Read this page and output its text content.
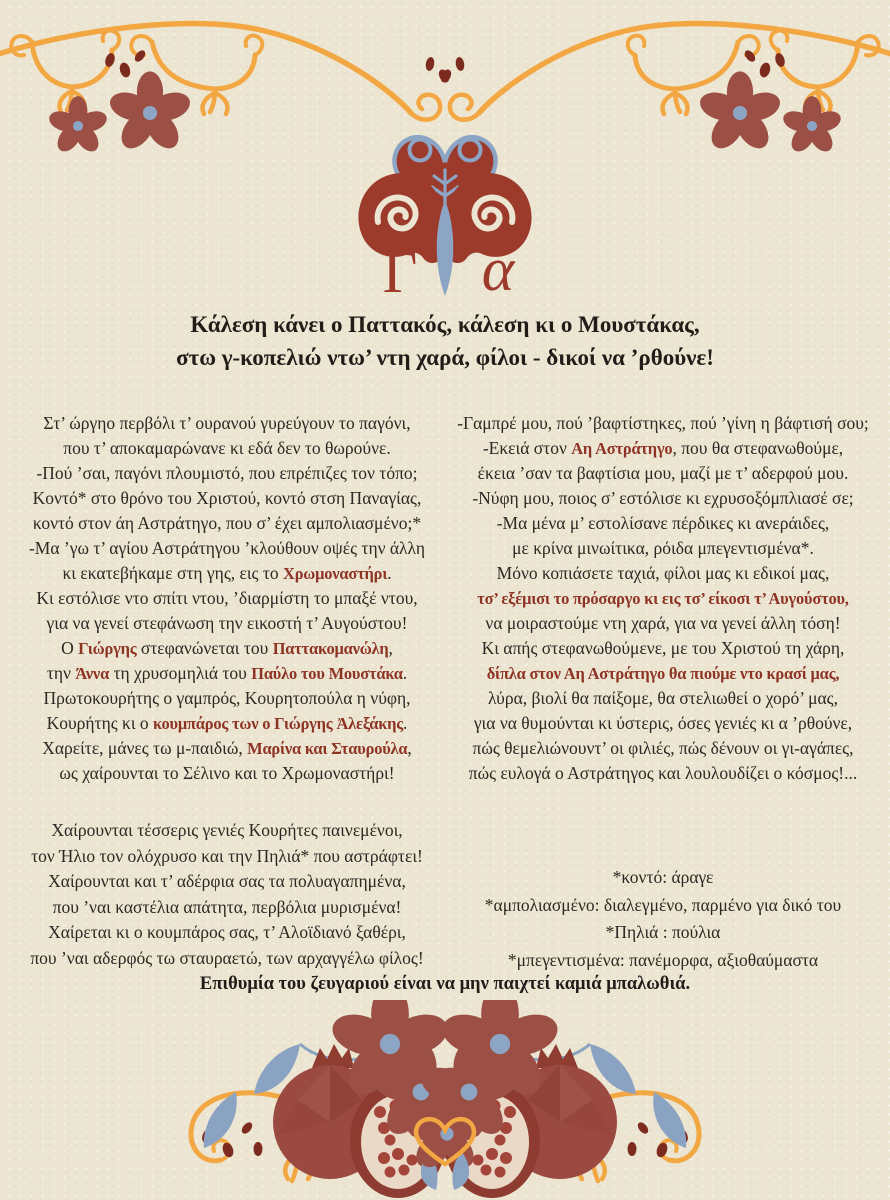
Γ α
Κάλεση κάνει ο Παττακός, κάλεση κι ο Μουστάκας,
στω γ-κοπελιώ ντω’ ντη χαρά, φίλοι - δικοί να ’ρθούνε!
Στ’ ώργηο περβόλι τ’ ουρανού γυρεύγουν το παγόνι,
που τ’ αποκαμαρώνανε κι εδά δεν το θωρούνε.
-Πού ’σαι, παγόνι πλουμιστό, που επρέπιζες τον τόπο;
Κοντό* στο θρόνο του Χριστού, κοντό στση Παναγίας,
κοντό στον άη Αστράτηγο, που σ’ έχει αμπολιασμένο;*
-Μα ’γω τ’ αγίου Αστράτηγου ’κλούθουν οψές την άλλη
κι εκατεβήκαμε στη γης, εις το Χρωμοναστήρι.
Κι εστόλισε ντο σπίτι ντου, ’διαρμίστη το μπαξέ ντου,
για να γενεί στεφάνωση την εικοστή τ’ Αυγούστου!
Ο Γιώργης στεφανώνεται του Παττακομανώλη,
την Άννα τη χρυσομηλιά του Παύλο του Μουστάκα.
Πρωτοκουρήτης ο γαμπρός, Κουρητοπούλα η νύφη,
Κουρήτης κι ο κουμπάρος των ο Γιώργης Ἀλεξάκης.
Χαρείτε, μάνες τω μ-παιδιώ, Μαρίνα και Σταυρούλα,
ως χαίρουνται το Σέλινο και το Χρωμοναστήρι!
-Γαμπρέ μου, πού ’βαφτίστηκες, πού ’γίνη η βάφτισή σου;
-Εκειά στον Αη Αστράτηγο, που θα στεφανωθούμε,
έκεια ’σαν τα βαφτίσια μου, μαζί με τ’ αδερφού μου.
-Νύφη μου, ποιος σ’ εστόλισε κι εχρυσοξόμπλιασέ σε;
-Μα μένα μ’ εστολίσανε πέρδικες κι ανεράιδες,
με κρίνα μινωίτικα, ρόιδα μπεγεντισμένα*.
Μόνο κοπιάσετε ταχιά, φίλοι μας κι εδικοί μας,
τσ’ εξέμισι το πρόσαργο κι εις τσ’ είκοσι τ’ Αυγούστου,
να μοιραστούμε ντη χαρά, για να γενεί άλλη τόση!
Κι απής στεφανωθούμενε, με του Χριστού τη χάρη,
δίπλα στον Αη Αστράτηγο θα πιούμε ντο κρασί μας,
λύρα, βιολί θα παίξομε, θα στελιωθεί ο χορό’ μας,
για να θυμούνται κι ύστερις, όσες γενιές κι α ’ρθούνε,
πώς θεμελιώνουντ’ οι φιλιές, πώς δένουν οι γι-αγάπες,
πώς ευλογά ο Αστράτηγος και λουλουδίζει ο κόσμος!...
Χαίρουνται τέσσερις γενιές Κουρήτες παινεμένοι,
τον Ήλιο τον ολόχρυσο και την Πηλιά* που αστράφτει!
Χαίρουνται και τ’ αδέρφια σας τα πολυαγαπημένα,
που ’ναι καστέλια απάτητα, περβόλια μυρισμένα!
Χαίρεται κι ο κουμπάρος σας, τ’ Αλοϊδιανό ξαθέρι,
που ’ναι αδερφός τω σταυραετώ, των αρχαγγέλω φίλος!
*κοντό: άραγε
*αμπολιασμένο: διαλεγμένο, παρμένο για δικό του
*Πηλιά : πούλια
*μπεγεντισμένα: πανέμορφα, αξιοθαύμαστα
Επιθυμία του ζευγαριού είναι να μην παιχτεί καμιά μπαλωθιά.
